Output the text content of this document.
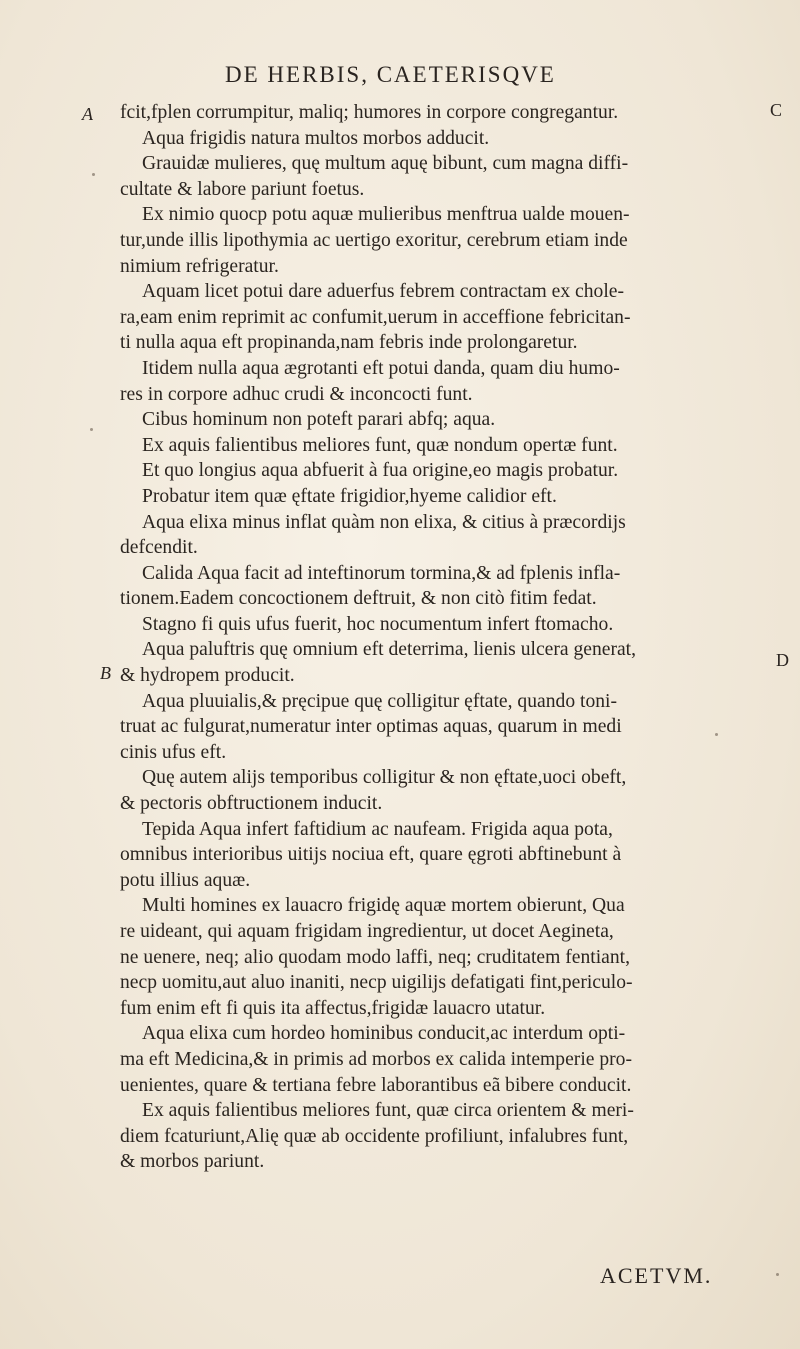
DE HERBIS, CAETERISQVE
A	C
B
D
fcit,fplen corrumpitur, maliq; humores in corpore congregantur.
Aqua frigidis natura multos morbos adducit.
Grauidæ mulieres, quę multum aquę bibunt, cum magna diffi-
cultate & labore pariunt foetus.
Ex nimio quocp potu aquæ mulieribus menftrua ualde mouen-
tur,unde illis lipothymia ac uertigo exoritur, cerebrum etiam inde
nimium refrigeratur.
Aquam licet potui dare aduerfus febrem contractam ex chole-
ra,eam enim reprimit ac confumit,uerum in acceffione febricitan-
ti nulla aqua eft propinanda,nam febris inde prolongaretur.
Itidem nulla aqua ægrotanti eft potui danda, quam diu humo-
res in corpore adhuc crudi & inconcocti funt.
Cibus hominum non poteft parari abfq; aqua.
Ex aquis falientibus meliores funt, quæ nondum opertæ funt.
Et quo longius aqua abfuerit à fua origine,eo magis probatur.
Probatur item quæ ęftate frigidior,hyeme calidior eft.
Aqua elixa minus inflat quàm non elixa, & citius à præcordijs
defcendit.
Calida Aqua facit ad inteftinorum tormina,& ad fplenis infla-
tionem.Eadem concoctionem deftruit, & non citò fitim fedat.
Stagno fi quis ufus fuerit, hoc nocumentum infert ftomacho.
Aqua paluftris quę omnium eft deterrima, lienis ulcera generat,
& hydropem producit.
Aqua pluuialis,& pręcipue quę colligitur ęftate, quando toni-
truat ac fulgurat,numeratur inter optimas aquas, quarum in medi
cinis ufus eft.
Quę autem alijs temporibus colligitur & non ęftate,uoci obeft,
& pectoris obftructionem inducit.
Tepida Aqua infert faftidium ac naufeam. Frigida aqua pota,
omnibus interioribus uitijs nociua eft, quare ęgroti abftinebunt à
potu illius aquæ.
Multi homines ex lauacro frigidę aquæ mortem obierunt, Qua
re uideant, qui aquam frigidam ingredientur, ut docet Aegineta,
ne uenere, neq; alio quodam modo laffi, neq; cruditatem fentiant,
necp uomitu,aut aluo inaniti, necp uigilijs defatigati fint,periculo-
fum enim eft fi quis ita affectus,frigidæ lauacro utatur.
Aqua elixa cum hordeo hominibus conducit,ac interdum opti-
ma eft Medicina,& in primis ad morbos ex calida intemperie pro-
uenientes, quare & tertiana febre laborantibus eã bibere conducit.
Ex aquis falientibus meliores funt, quæ circa orientem & meri-
diem fcaturiunt,Alię quæ ab occidente profiliunt, infalubres funt,
& morbos pariunt.
ACETVM.
